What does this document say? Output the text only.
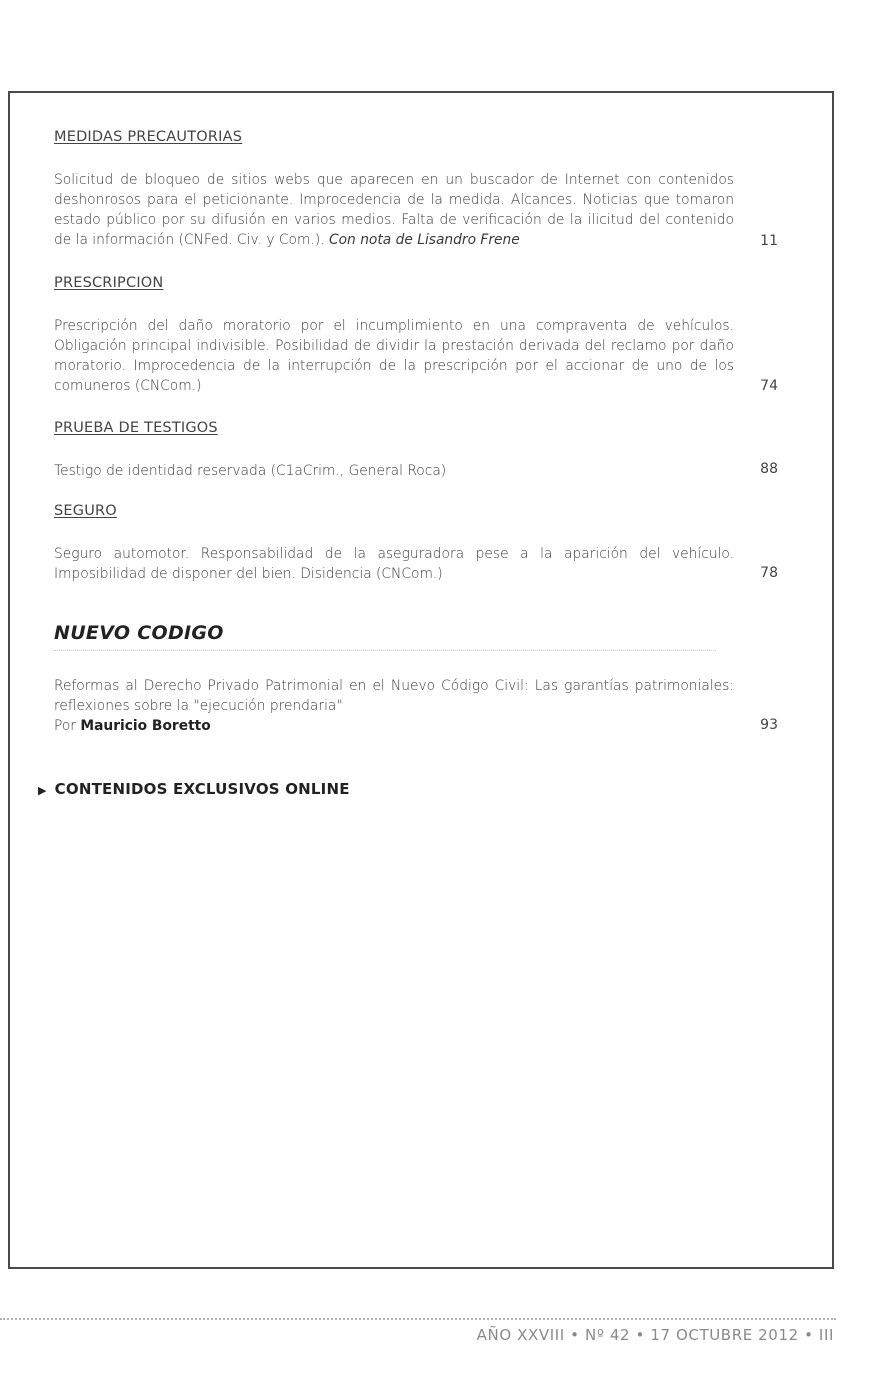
MEDIDAS PRECAUTORIAS

Solicitud de bloqueo de sitios webs que aparecen en un buscador de Internet con contenidos deshonrosos para el peticionante. Improcedencia de la medida. Alcances. Noticias que tomaron estado público por su difusión en varios medios. Falta de verificación de la ilicitud del contenido de la información (CNFed. Civ. y Com.). Con nota de Lisandro Frene	11
PRESCRIPCION

Prescripción del daño moratorio por el incumplimiento en una compraventa de vehículos. Obligación principal indivisible. Posibilidad de dividir la prestación derivada del reclamo por daño moratorio. Improcedencia de la interrupción de la prescripción por el accionar de uno de los comuneros (CNCom.)	74
PRUEBA DE TESTIGOS

Testigo de identidad reservada (C1aCrim., General Roca)	88
SEGURO

Seguro automotor. Responsabilidad de la aseguradora pese a la aparición del vehículo. Imposibilidad de disponer del bien. Disidencia (CNCom.)	78
NUEVO CODIGO

Reformas al Derecho Privado Patrimonial en el Nuevo Código Civil: Las garantías patrimoniales: reflexiones sobre la "ejecución prendaria"

Por Mauricio Boretto	93
▶ CONTENIDOS EXCLUSIVOS ONLINE
AÑO XXVIII • Nº 42 • 17 OCTUBRE 2012 • III
